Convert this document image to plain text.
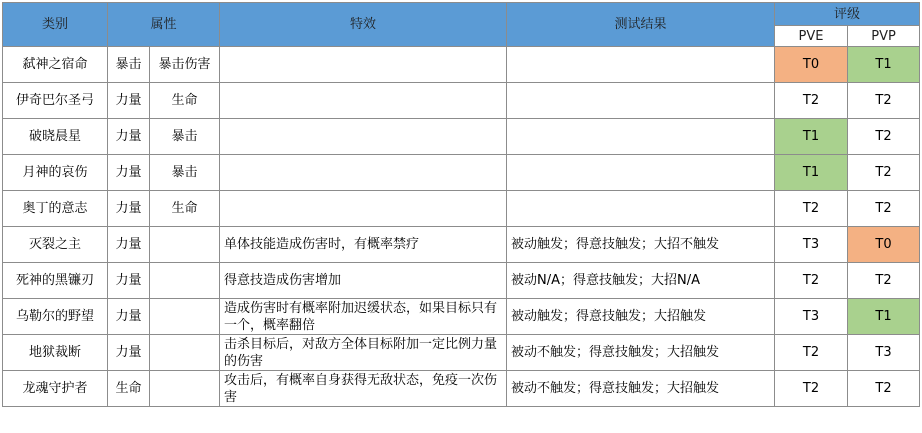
类别	属性		特效	测试结果	评级	
					PVE	PVP
弑神之宿命	暴击	暴击伤害			T0	T1
伊奇巴尔圣弓	力量	生命			T2	T2
破晓晨星	力量	暴击			T1	T2
月神的哀伤	力量	暴击			T1	T2
奥丁的意志	力量	生命			T2	T2
灭裂之主	力量		单体技能造成伤害时，有概率禁疗	被动触发；得意技触发；大招不触发	T3	T0
死神的黑镰刃	力量		得意技造成伤害增加	被动N/A；得意技触发；大招N/A	T2	T2
乌勒尔的野望	力量		造成伤害时有概率附加迟缓状态，如果目标只有一个，概率翻倍	被动触发；得意技触发；大招触发	T3	T1
地狱裁断	力量		击杀目标后，对敌方全体目标附加一定比例力量的伤害	被动不触发；得意技触发；大招触发	T2	T3
龙魂守护者	生命		攻击后，有概率自身获得无敌状态，免疫一次伤害	被动不触发；得意技触发；大招触发	T2	T2
